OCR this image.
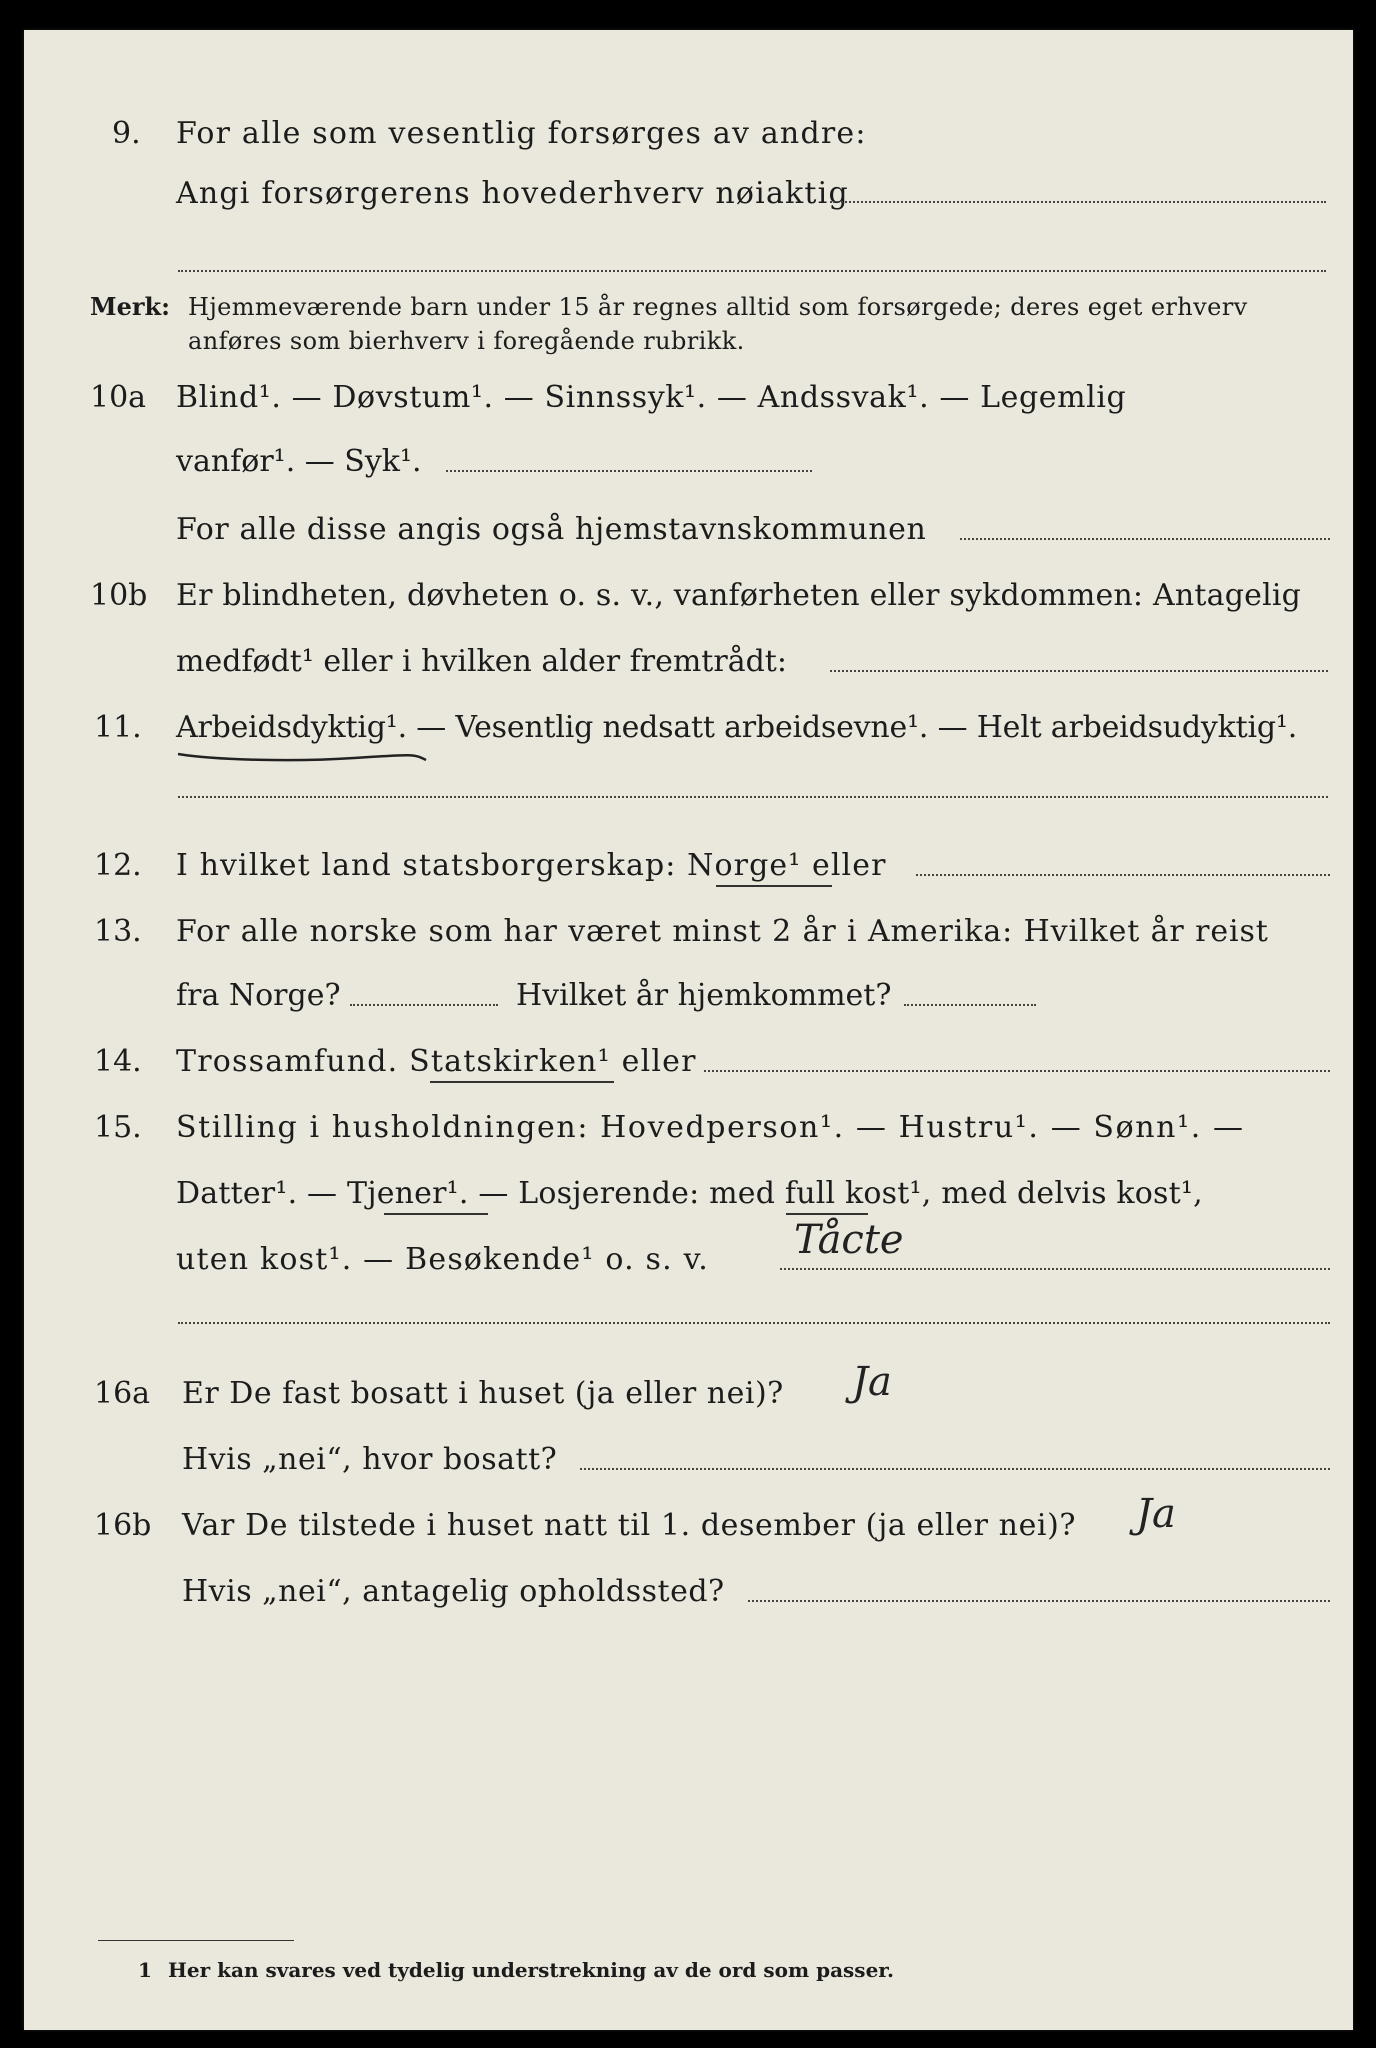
9. For alle som vesentlig forsørges av andre:
Angi forsørgerens hovederhverv nøiaktig
Merk: Hjemmeværende barn under 15 år regnes alltid som forsørgede; deres eget erhverv
anføres som bierhverv i foregående rubrikk.
10a Blind¹. — Døvstum¹. — Sinnssyk¹. — Andssvak¹. — Legemlig
vanfør¹. — Syk¹.
For alle disse angis også hjemstavnskommunen
10b Er blindheten, døvheten o. s. v., vanførheten eller sykdommen: Antagelig
medfødt¹ eller i hvilken alder fremtrådt:
11. Arbeidsdyktig¹. — Vesentlig nedsatt arbeidsevne¹. — Helt arbeidsudyktig¹.
12. I hvilket land statsborgerskap: Norge¹ eller
13. For alle norske som har været minst 2 år i Amerika: Hvilket år reist
fra Norge?	Hvilket år hjemkommet?
14. Trossamfund. Statskirken¹ eller
15. Stilling i husholdningen: Hovedperson¹. — Hustru¹. — Sønn¹. —
Datter¹. — Tjener¹. — Losjerende: med full kost¹, med delvis kost¹,
uten kost¹. — Besøkende¹ o. s. v. Tåcte
16a Er De fast bosatt i huset (ja eller nei)? Ja
Hvis „nei“, hvor bosatt?
16b Var De tilstede i huset natt til 1. desember (ja eller nei)? Ja
Hvis „nei“, antagelig opholdssted?
1 Her kan svares ved tydelig understrekning av de ord som passer.
